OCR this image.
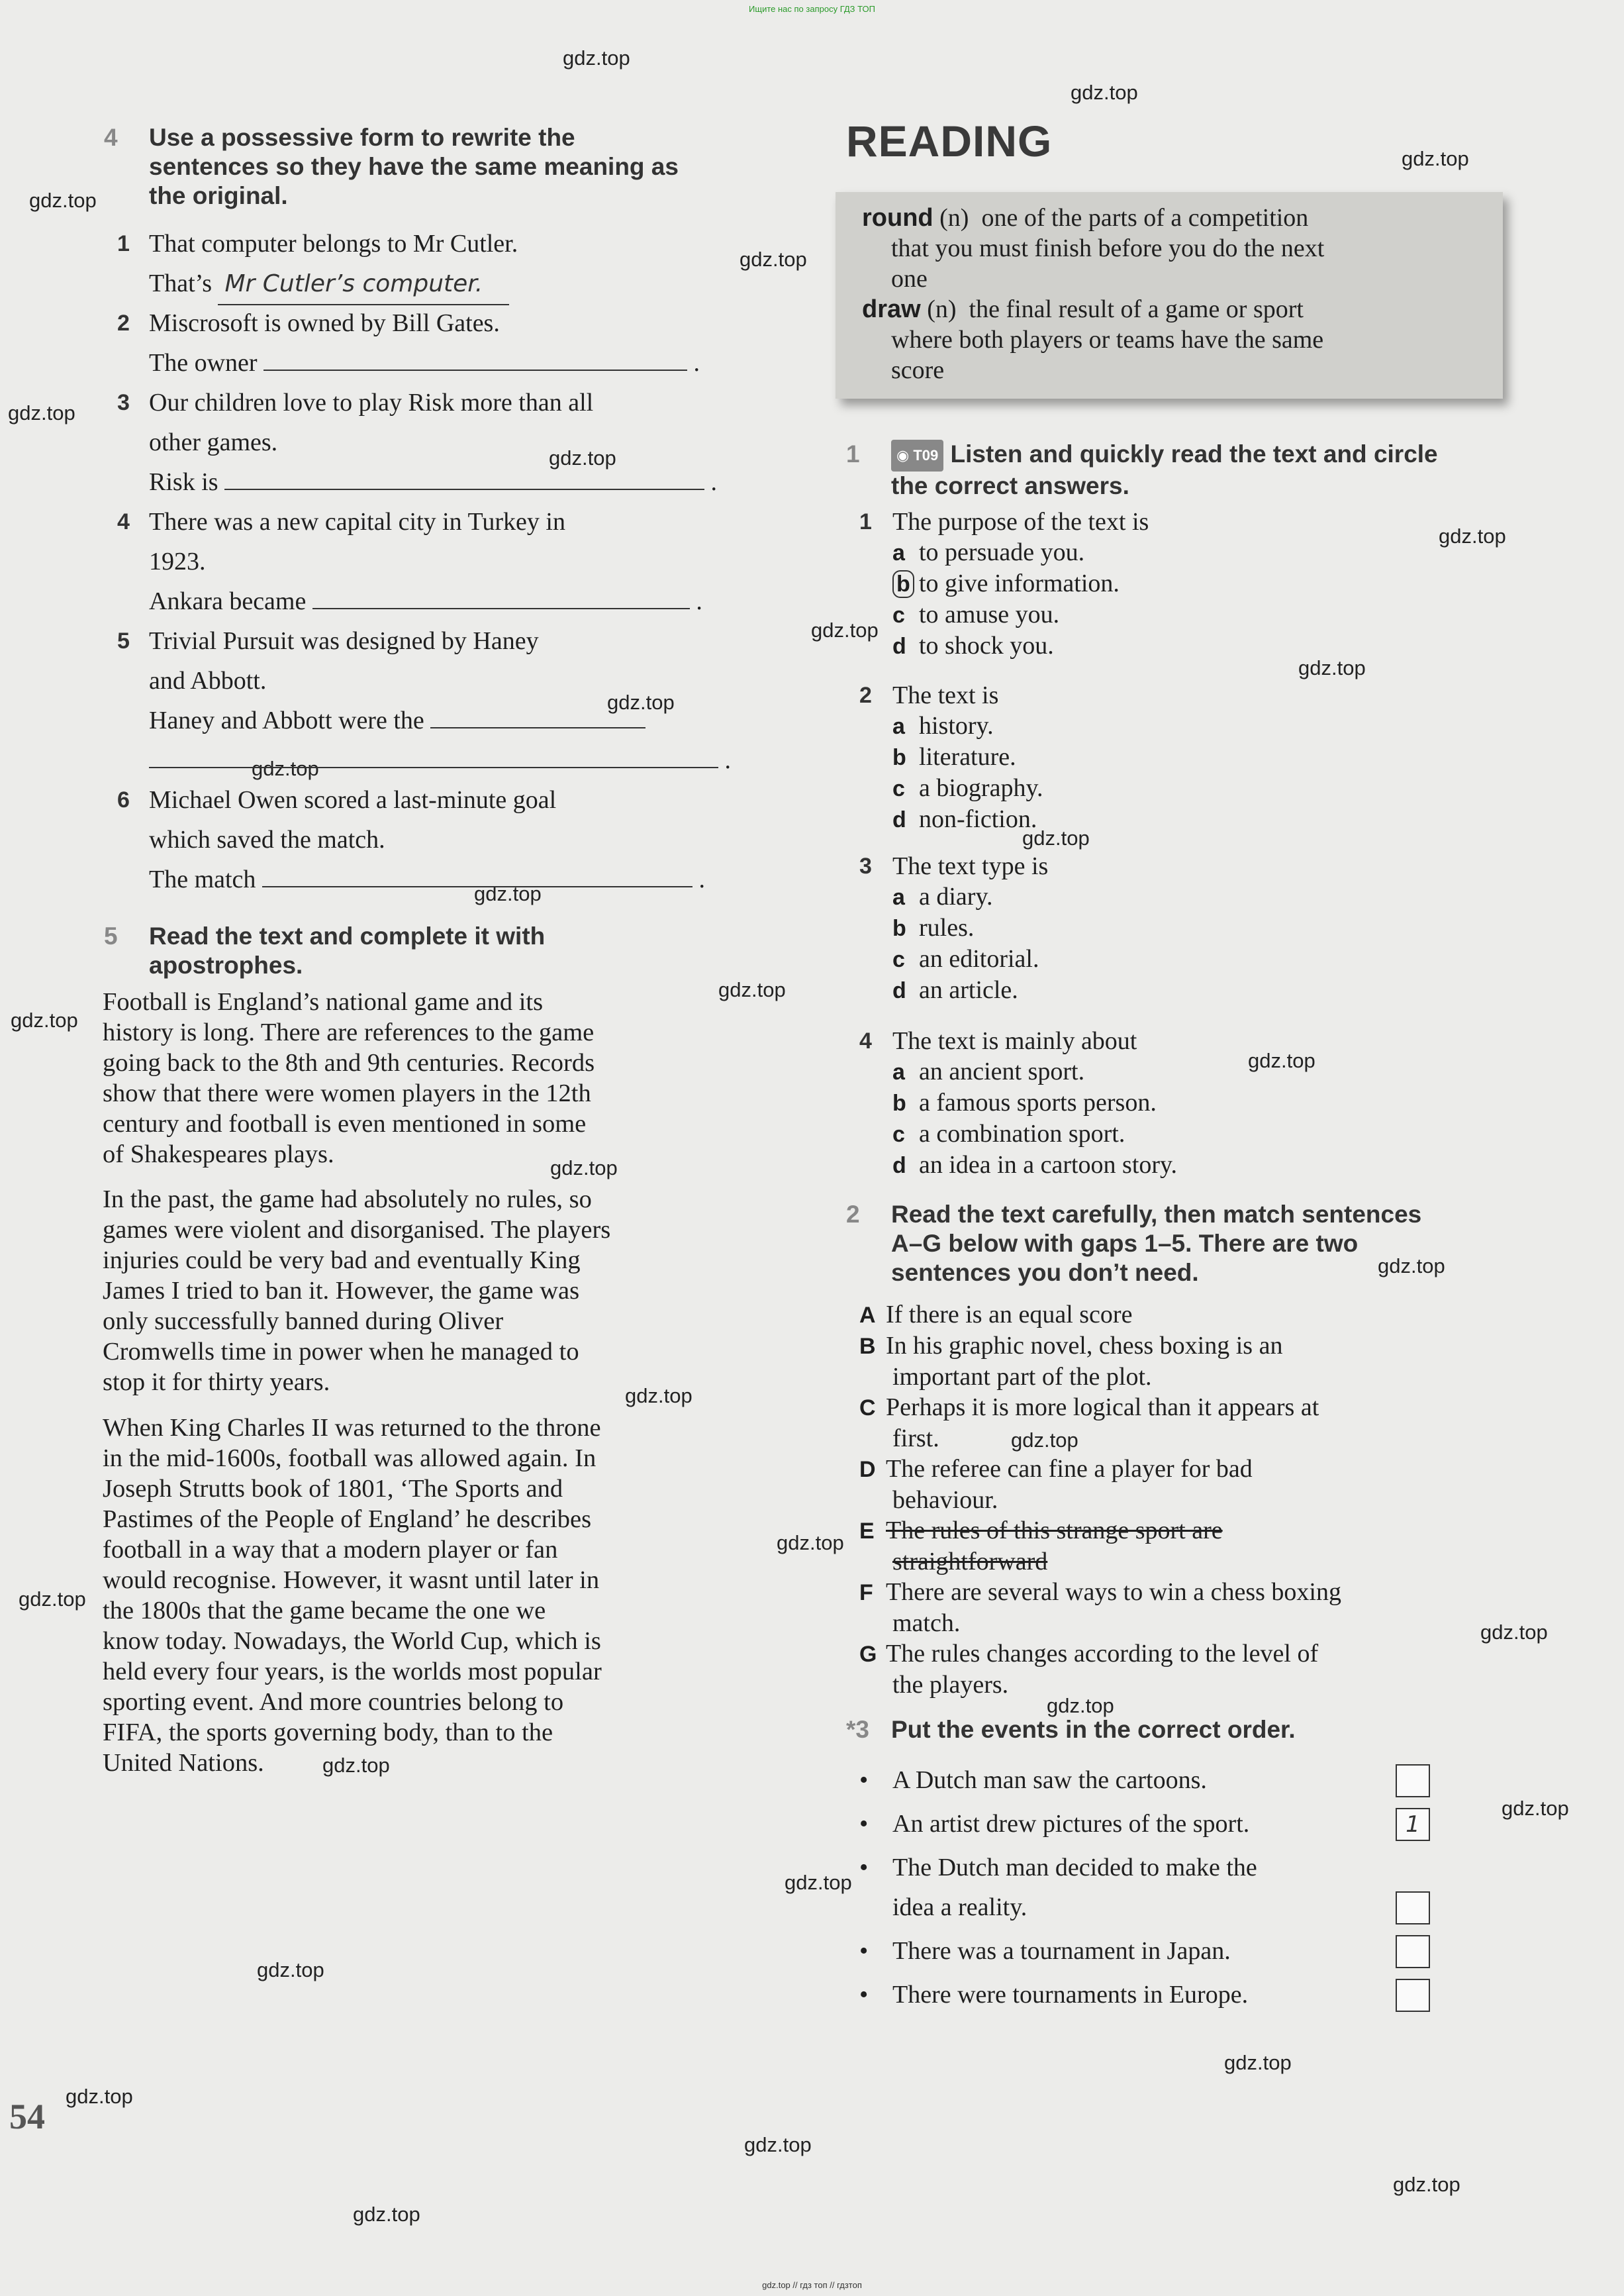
Ищите нас по запросу ГДЗ ТОП
gdz.top // гдз топ // гдзтоп
gdz.top
gdz.top
gdz.top
gdz.top
gdz.top
gdz.top
gdz.top
gdz.top
gdz.top
gdz.top
gdz.top
gdz.top
gdz.top
gdz.top
gdz.top
gdz.top
gdz.top
gdz.top
gdz.top
gdz.top
gdz.top
gdz.top
gdz.top
gdz.top
gdz.top
gdz.top
gdz.top
gdz.top
gdz.top
gdz.top
gdz.top
gdz.top
gdz.top
gdz.top
54
4 Use a possessive form to rewrite the
sentences so they have the same meaning as
the original.
1 That computer belongs to Mr Cutler.
That’s Mr Cutler’s computer.
2 Miscrosoft is owned by Bill Gates.
The owner	.
3 Our children love to play Risk more than all
other games.
Risk is	.
4 There was a new capital city in Turkey in
1923.
Ankara became	.
5 Trivial Pursuit was designed by Haney
and Abbott.
Haney and Abbott were the
.
6 Michael Owen scored a last-minute goal
which saved the match.
The match	.
5 Read the text and complete it with
apostrophes.
Football is England’s national game and its
history is long. There are references to the game
going back to the 8th and 9th centuries. Records
show that there were women players in the 12th
century and football is even mentioned in some
of Shakespeares plays.
In the past, the game had absolutely no rules, so
games were violent and disorganised. The players
injuries could be very bad and eventually King
James I tried to ban it. However, the game was
only successfully banned during Oliver
Cromwells time in power when he managed to
stop it for thirty years.
When King Charles II was returned to the throne
in the mid-1600s, football was allowed again. In
Joseph Strutts book of 1801, ‘The Sports and
Pastimes of the People of England’ he describes
football in a way that a modern player or fan
would recognise. However, it wasnt until later in
the 1800s that the game became the one we
know today. Nowadays, the World Cup, which is
held every four years, is the worlds most popular
sporting event. And more countries belong to
FIFA, the sports governing body, than to the
United Nations.
READING
round (n) one of the parts of a competition
that you must finish before you do the next
one
draw (n) the final result of a game or sport
where both players or teams have the same
score
1	◉ T09 Listen and quickly read the text and circle
the correct answers.
1 The purpose of the text is
a to persuade you.
b to give information.
c to amuse you.
d to shock you.
2 The text is
a history.
b literature.
c a biography.
d non-fiction.
3 The text type is
a a diary.
b rules.
c an editorial.
d an article.
4 The text is mainly about
a an ancient sport.
b a famous sports person.
c a combination sport.
d an idea in a cartoon story.
2 Read the text carefully, then match sentences
A–G below with gaps 1–5. There are two
sentences you don’t need.
A If there is an equal score
B In his graphic novel, chess boxing is an
important part of the plot.
C Perhaps it is more logical than it appears at
first.
D The referee can fine a player for bad
behaviour.
E The rules of this strange sport are
straightforward
F There are several ways to win a chess boxing
match.
G The rules changes according to the level of
the players.
*3 Put the events in the correct order.
• A Dutch man saw the cartoons.
• An artist drew pictures of the sport.	1
• The Dutch man decided to make the
idea a reality.
• There was a tournament in Japan.
• There were tournaments in Europe.
